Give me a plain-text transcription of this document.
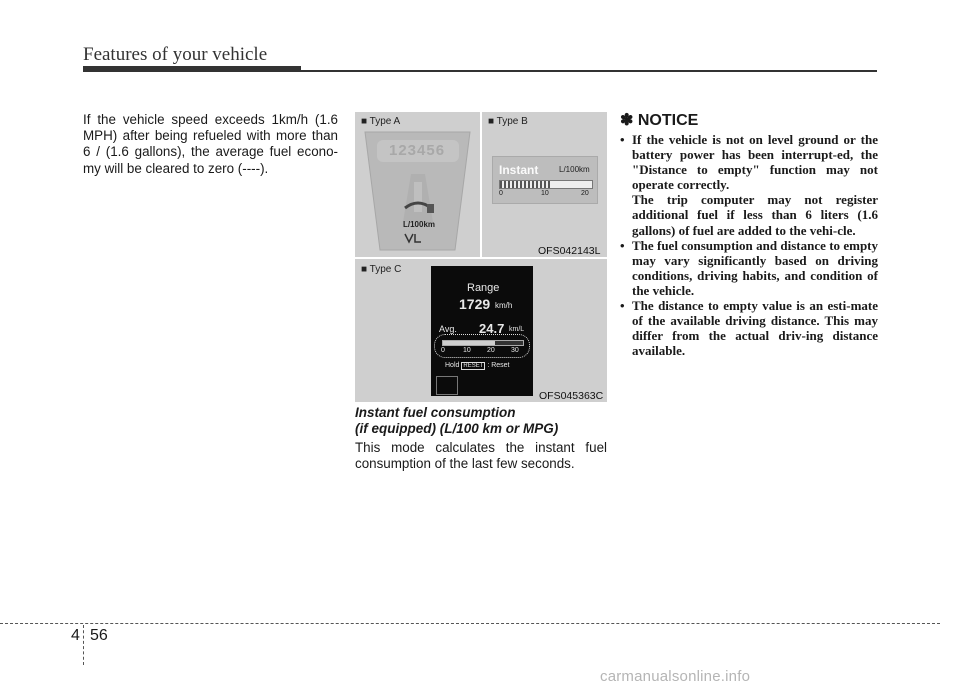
Features of your vehicle
If the vehicle speed exceeds 1km/h (1.6 MPH) after being refueled with more than 6 / (1.6 gallons), the average fuel econo-my will be cleared to zero (----).
■ Type A
123456
L/100km
■ Type B
Instant	L/100km
0	10	20
OFS042143L
■ Type C
Range
1729 km/h
Avg. 24.7 km/L
0	10 20 30
Hold RESET : Reset
OFS045363C
Instant fuel consumption
(if equipped) (L/100 km or MPG)
This mode calculates the instant fuel consumption of the last few seconds.
✽ NOTICE
• If the vehicle is not on level ground or the battery power has been interrupt-ed, the "Distance to empty" function may not operate correctly.
The trip computer may not register additional fuel if less than 6 liters (1.6 gallons) of fuel are added to the vehi-cle.
• The fuel consumption and distance to empty may vary significantly based on driving conditions, driving habits, and condition of the vehicle.
• The distance to empty value is an esti-mate of the available driving distance. This may differ from the actual driv-ing distance available.
4 56
carmanualsonline.info
